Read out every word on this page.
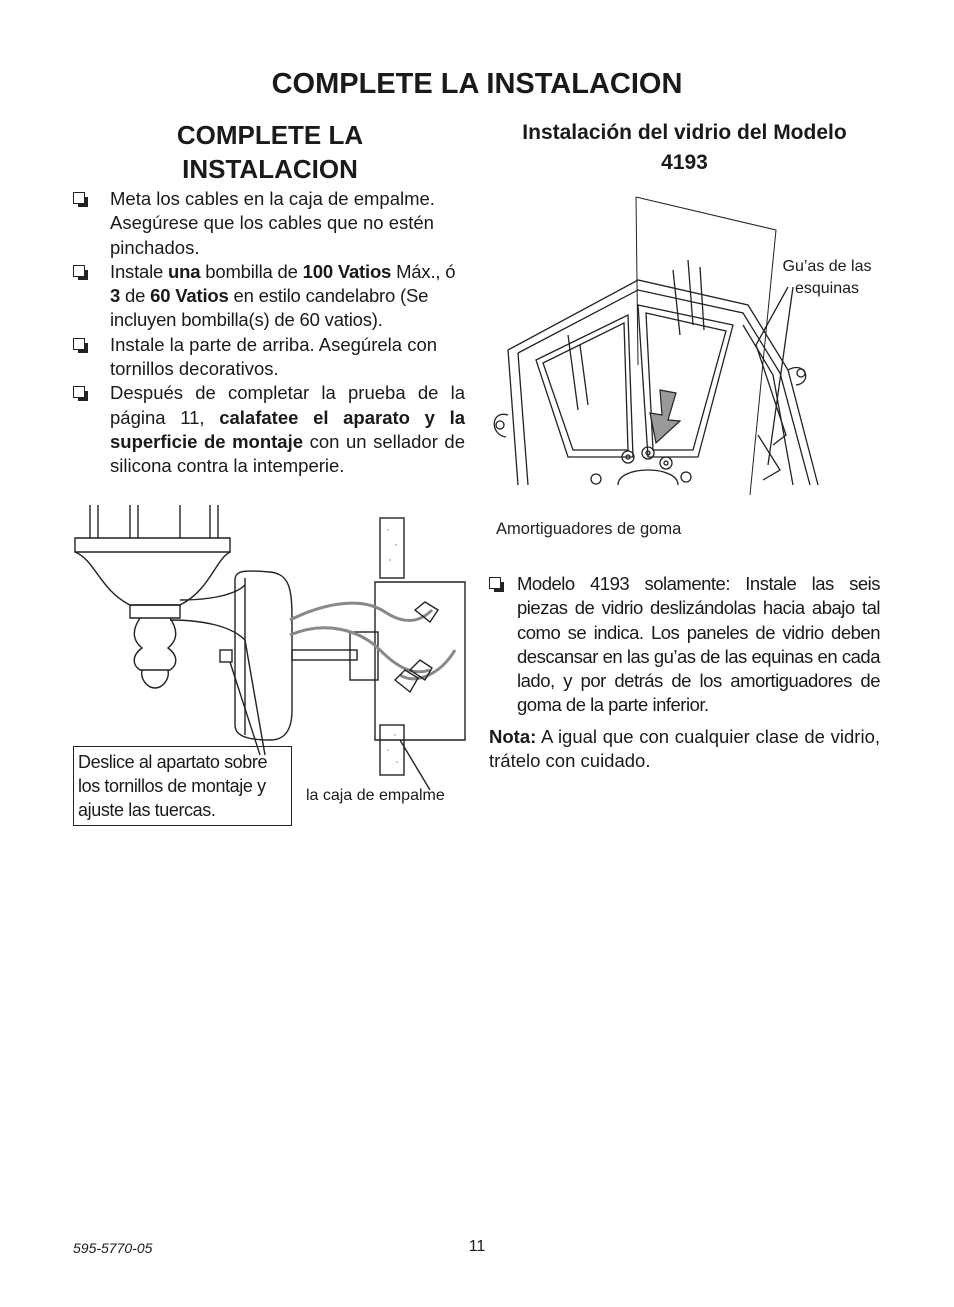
COMPLETE LA INSTALACION
COMPLETE LA
INSTALACION
Meta los cables en la caja de empalme. Asegúrese que los cables que no estén pinchados.
Instale una bombilla de 100 Vatios Máx., ó 3 de 60 Vatios en estilo candelabro (Se incluyen bombilla(s) de 60 vatios).
Instale la parte de arriba. Asegúrela con tornillos decorativos.
Después de completar la prueba de la página 11, calafatee el aparato y la superficie de montaje con un sellador de silicona contra la intemperie.
Deslice al apartato sobre los tornillos de montaje y ajuste las tuercas.
la caja de empalme
Instalación del vidrio del Modelo
4193
Gu’as de las
esquinas
Amortiguadores de goma
Modelo 4193 solamente: Instale las seis piezas de vidrio deslizándolas hacia abajo tal como se indica. Los paneles de vidrio deben descansar en las gu’as de las equinas en cada lado, y por detrás de los amortiguadores de goma de la parte inferior.
Nota: A igual que con cualquier clase de vidrio, trátelo con cuidado.
595-5770-05	11
